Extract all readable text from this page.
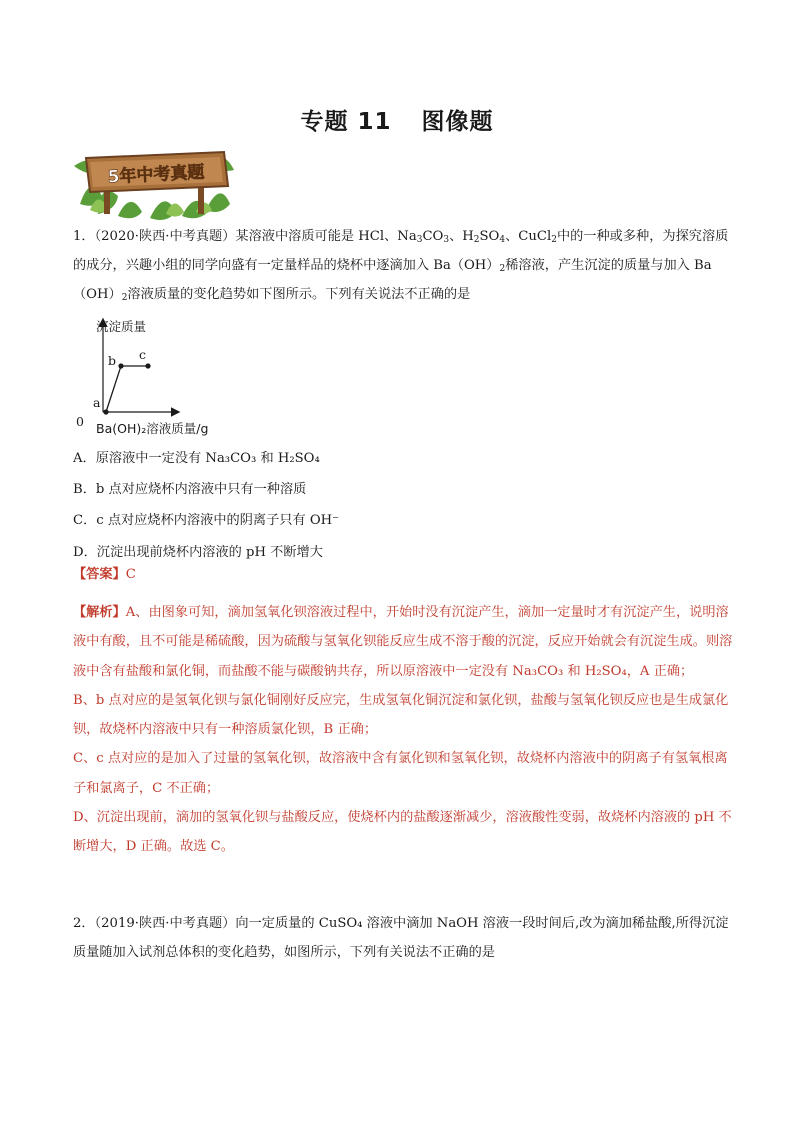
专题 11 图像题
5年中考真题
1．（2020·陕西·中考真题）某溶液中溶质可能是 HCl、$Na_3CO_3$、$H_2SO_4$、CuCl$_2$中的一种或多种，为探究溶质的成分，兴趣小组的同学向盛有一定量样品的烧杯中逐滴加入 $Ba(OH)_2$稀溶液，产生沉淀的质量与加入 $Ba(OH)_2$溶液质量的变化趋势如下图所示。下列有关说法不正确的是
沉淀质量
a
b c
0 Ba(OH)₂溶液质量/g
A．原溶液中一定没有 Na₃CO₃ 和 H₂SO₄
B．b 点对应烧杯内溶液中只有一种溶质
C．c 点对应烧杯内溶液中的阴离子只有 OH⁻
D．沉淀出现前烧杯内溶液的 pH 不断增大
【答案】C

【解析】A、由图象可知，滴加氢氧化钡溶液过程中，开始时没有沉淀产生，滴加一定量时才有沉淀产生，说明溶液中有酸，且不可能是稀硫酸，因为硫酸与氢氧化钡能反应生成不溶于酸的沉淀，反应开始就会有沉淀生成。则溶液中含有盐酸和氯化铜，而盐酸不能与碳酸钠共存，所以原溶液中一定没有 Na₃CO₃ 和 H₂SO₄，A 正确；

B、b 点对应的是氢氧化钡与氯化铜刚好反应完，生成氢氧化铜沉淀和氯化钡，盐酸与氢氧化钡反应也是生成氯化钡，故烧杯内溶液中只有一种溶质氯化钡，B 正确；

C、c 点对应的是加入了过量的氢氧化钡，故溶液中含有氯化钡和氢氧化钡，故烧杯内溶液中的阴离子有氢氧根离子和氯离子，C 不正确；

D、沉淀出现前，滴加的氢氧化钡与盐酸反应，使烧杯内的盐酸逐渐减少，溶液酸性变弱，故烧杯内溶液的 pH 不断增大，D 正确。故选 C。

2．（2019·陕西·中考真题）向一定质量的 CuSO₄ 溶液中滴加 NaOH 溶液一段时间后,改为滴加稀盐酸,所得沉淀质量随加入试剂总体积的变化趋势，如图所示，下列有关说法不正确的是
